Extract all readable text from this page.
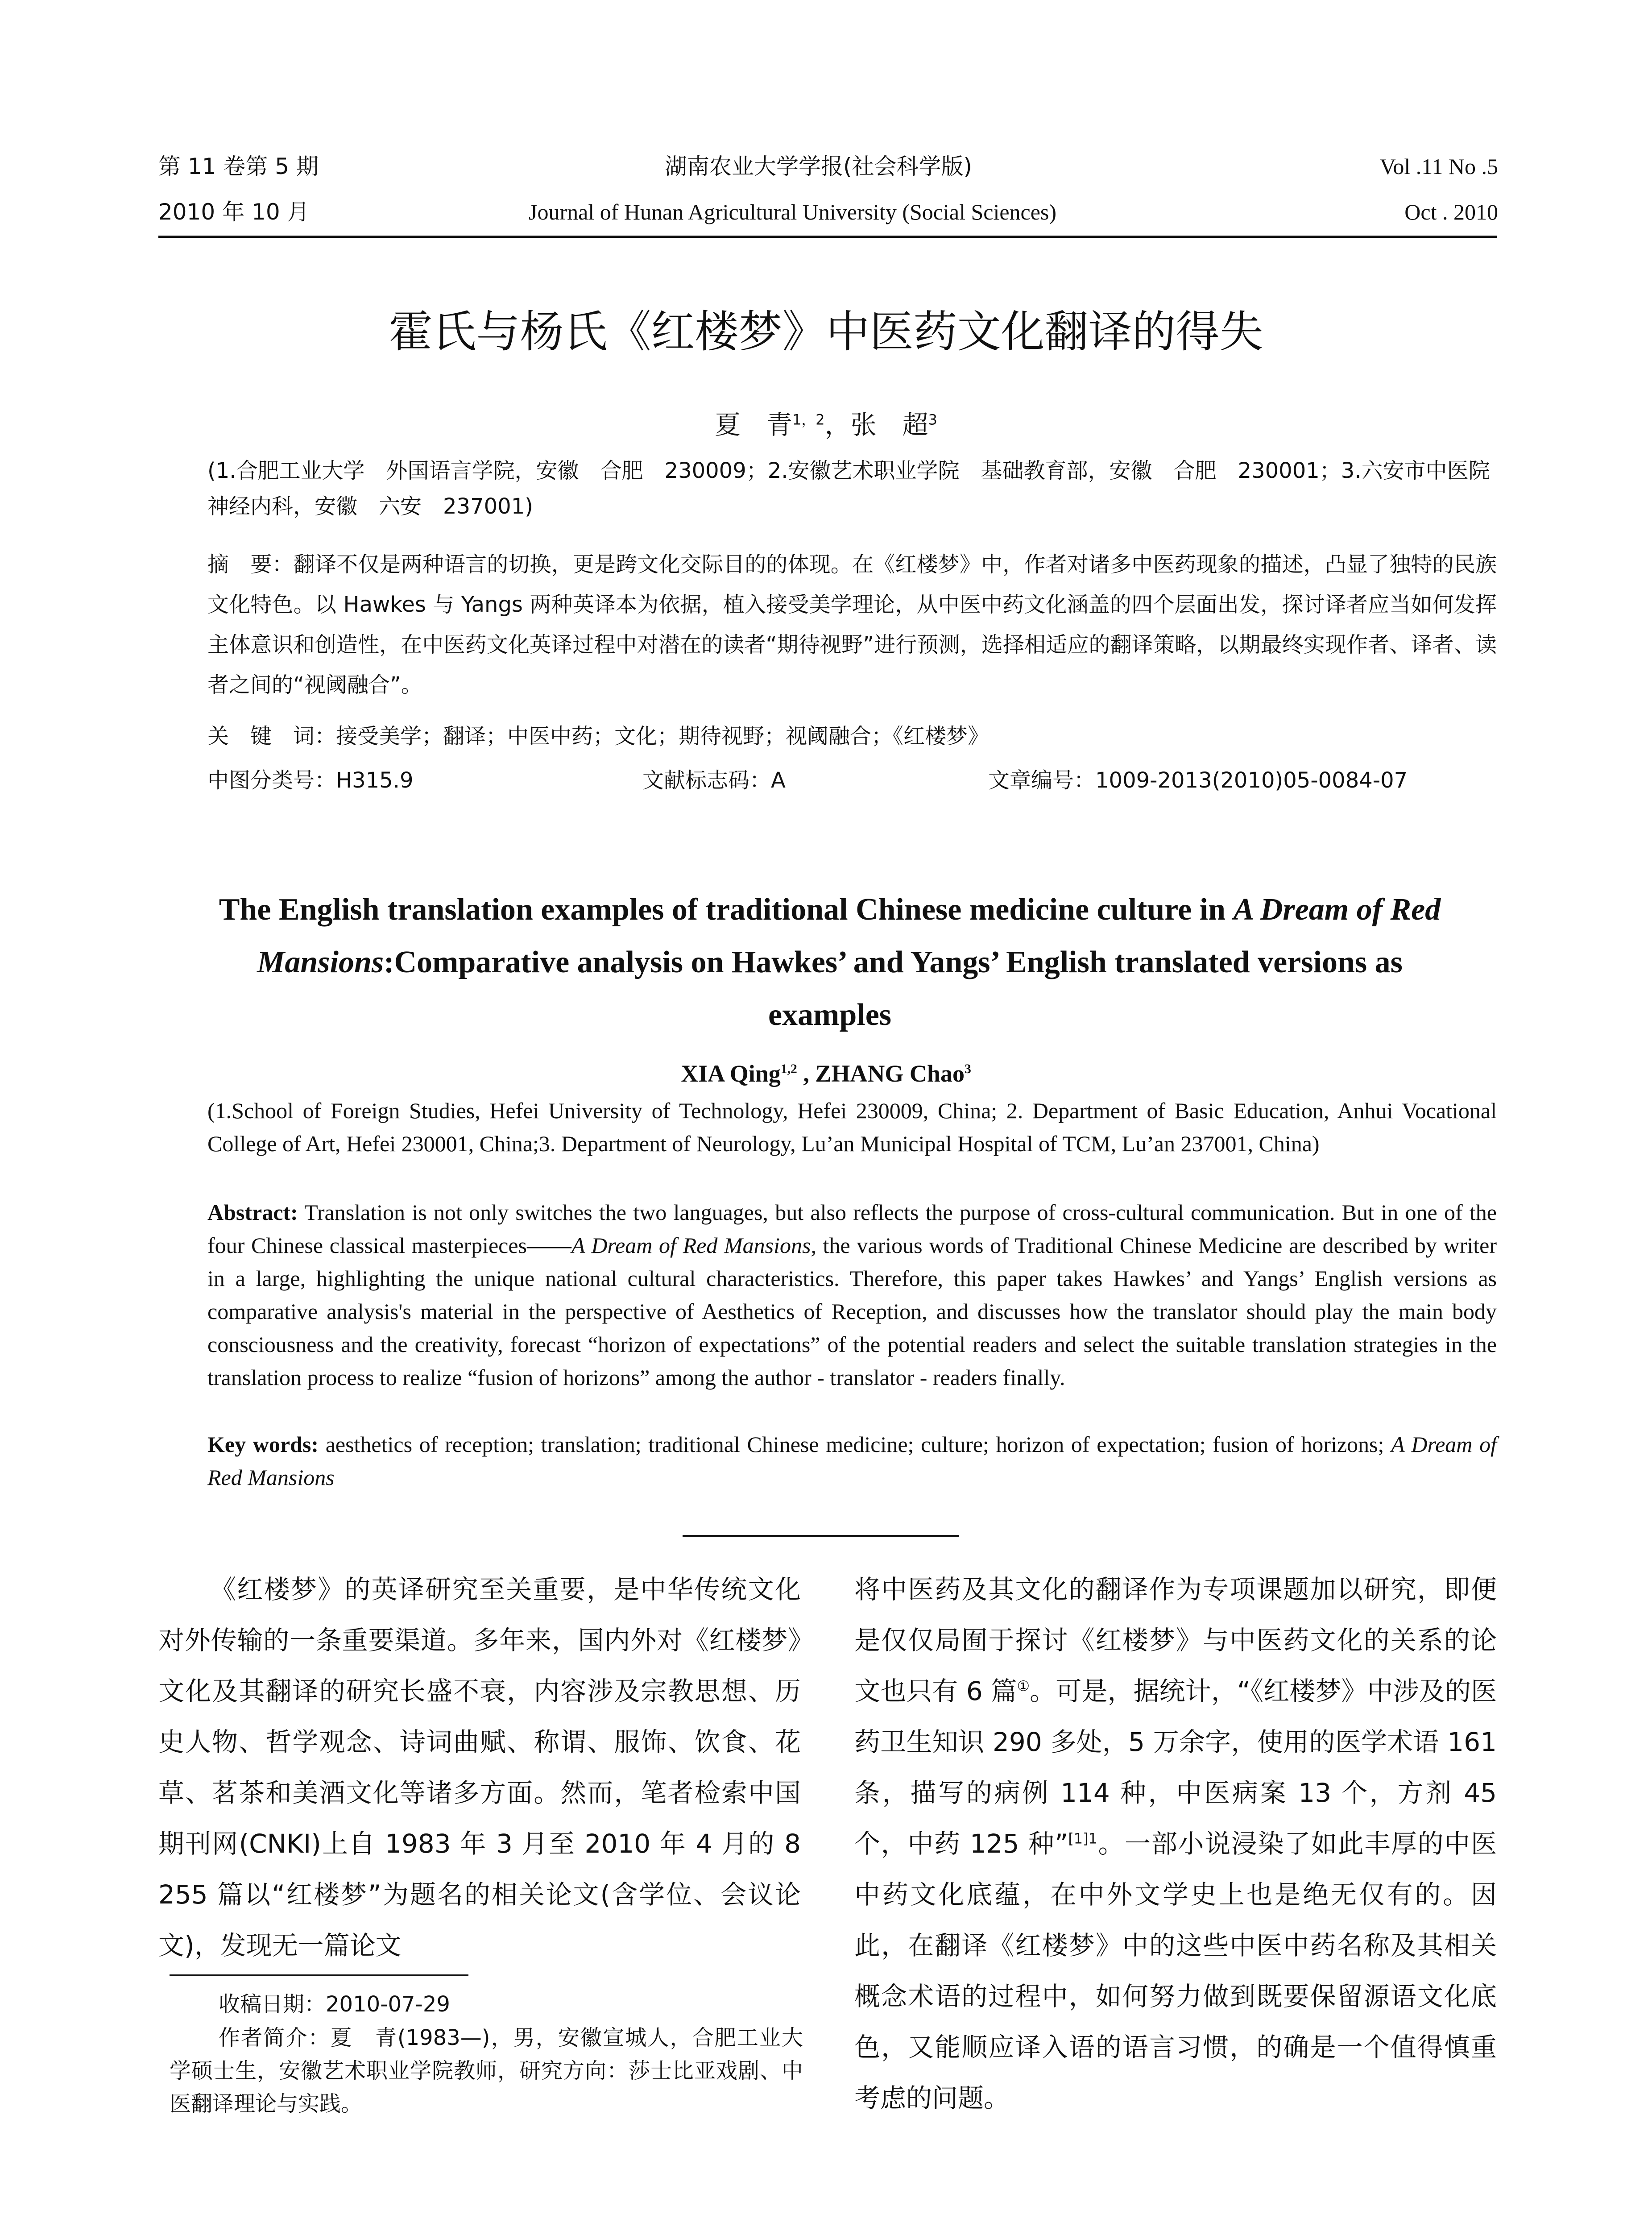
第 11 卷第 5 期	湖南农业大学学报(社会科学版)	Vol .11 No .5
2010 年 10 月	Journal of Hunan Agricultural University (Social Sciences)	Oct . 2010
霍氏与杨氏《红楼梦》中医药文化翻译的得失
夏　青$^{1,2}$，张　超$^3$
(1.合肥工业大学　外国语言学院，安徽　合肥　230009；2.安徽艺术职业学院　基础教育部，安徽　合肥　230001；3.六安市中医院神经内科，安徽　六安　237001)
摘　要：翻译不仅是两种语言的切换，更是跨文化交际目的的体现。在《红楼梦》中，作者对诸多中医药现象的描述，凸显了独特的民族文化特色。以 Hawkes 与 Yangs 两种英译本为依据，植入接受美学理论，从中医中药文化涵盖的四个层面出发，探讨译者应当如何发挥主体意识和创造性，在中医药文化英译过程中对潜在的读者“期待视野”进行预测，选择相适应的翻译策略，以期最终实现作者、译者、读者之间的“视阈融合”。
关　键　词：接受美学；翻译；中医中药；文化；期待视野；视阈融合；《红楼梦》
中图分类号：H315.9	文献标志码：A	文章编号：1009-2013(2010)05-0084-07
The English translation examples of traditional Chinese medicine culture in A Dream of Red Mansions:Comparative analysis on Hawkes’ and Yangs’ English translated versions as examples
XIA Qing$^{1,2}$ , ZHANG Chao$^3$
(1.School of Foreign Studies, Hefei University of Technology, Hefei 230009, China; 2. Department of Basic Education, Anhui Vocational College of Art, Hefei 230001, China;3. Department of Neurology, Lu’an Municipal Hospital of TCM, Lu’an 237001, China)
Abstract: Translation is not only switches the two languages, but also reflects the purpose of cross-cultural communication. But in one of the four Chinese classical masterpieces——A Dream of Red Mansions, the various words of Traditional Chinese Medicine are described by writer in a large, highlighting the unique national cultural characteristics. Therefore, this paper takes Hawkes’ and Yangs’ English versions as comparative analysis's material in the perspective of Aesthetics of Reception, and discusses how the translator should play the main body consciousness and the creativity, forecast “horizon of expectations” of the potential readers and select the suitable translation strategies in the translation process to realize “fusion of horizons” among the author - translator - readers finally.
Key words: aesthetics of reception; translation; traditional Chinese medicine; culture; horizon of expectation; fusion of horizons; A Dream of Red Mansions
《红楼梦》的英译研究至关重要，是中华传统文化对外传输的一条重要渠道。多年来，国内外对《红楼梦》文化及其翻译的研究长盛不衰，内容涉及宗教思想、历史人物、哲学观念、诗词曲赋、称谓、服饰、饮食、花草、茗茶和美酒文化等诸多方面。然而，笔者检索中国期刊网(CNKI)上自 1983 年 3 月至 2010 年 4 月的 8 255 篇以“红楼梦”为题名的相关论文(含学位、会议论文)，发现无一篇论文
将中医药及其文化的翻译作为专项课题加以研究，即便是仅仅局囿于探讨《红楼梦》与中医药文化的关系的论文也只有 6 篇①。可是，据统计，“《红楼梦》中涉及的医药卫生知识 290 多处，5 万余字，使用的医学术语 161 条，描写的病例 114 种，中医病案 13 个，方剂 45 个，中药 125 种”$^{[1]1}$。一部小说浸染了如此丰厚的中医中药文化底蕴，在中外文学史上也是绝无仅有的。因此，在翻译《红楼梦》中的这些中医中药名称及其相关概念术语的过程中，如何努力做到既要保留源语文化底色，又能顺应译入语的语言习惯，的确是一个值得慎重考虑的问题。
收稿日期：2010-07-29
作者简介：夏　青(1983—)，男，安徽宣城人，合肥工业大学硕士生，安徽艺术职业学院教师，研究方向：莎士比亚戏剧、中医翻译理论与实践。
